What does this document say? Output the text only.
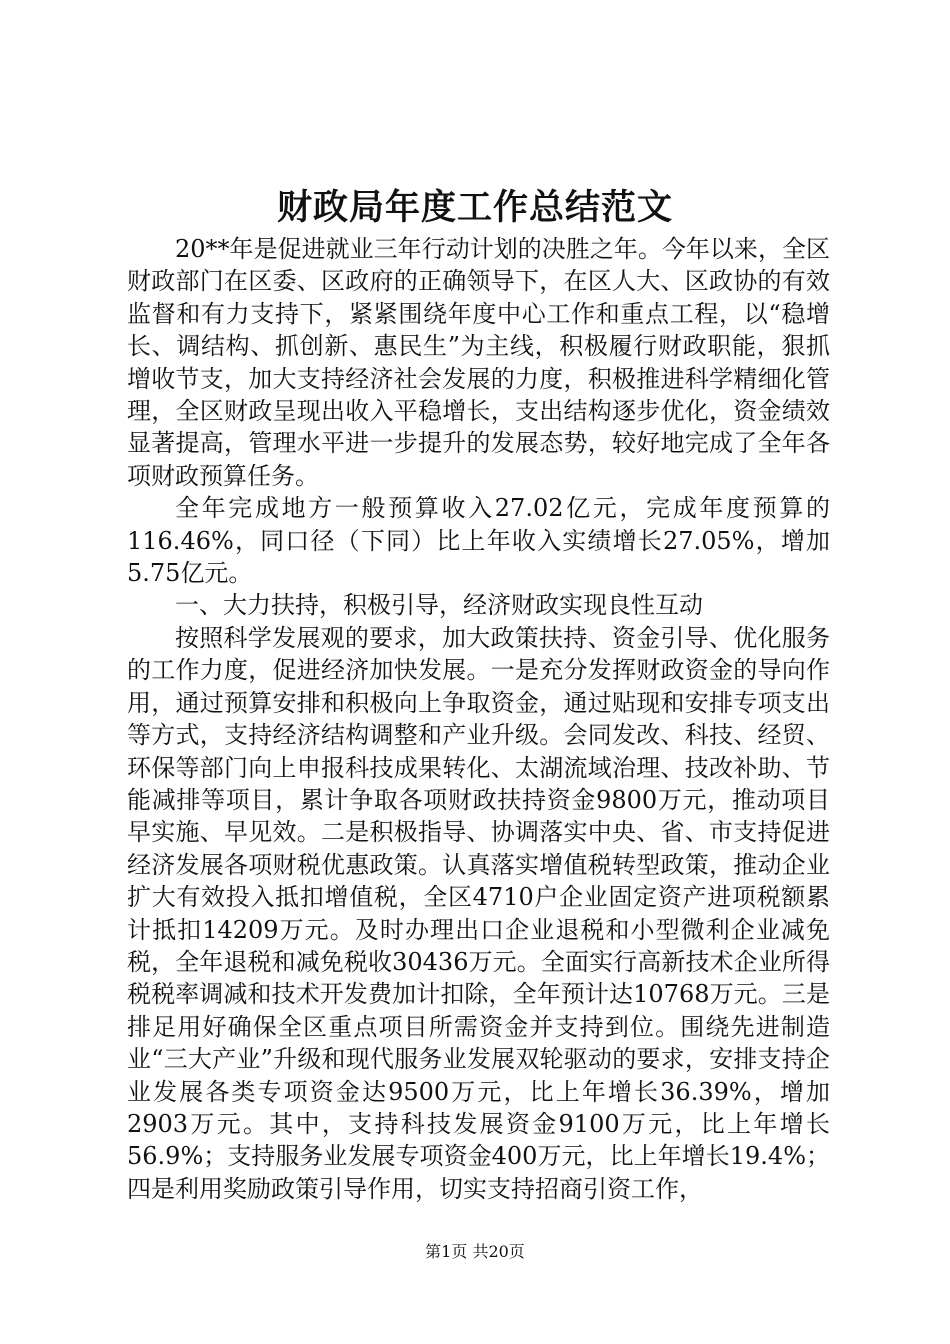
财政局年度工作总结范文

20**年是促进就业三年行动计划的决胜之年。今年以来，全区财政部门在区委、区政府的正确领导下，在区人大、区政协的有效监督和有力支持下，紧紧围绕年度中心工作和重点工程，以“稳增长、调结构、抓创新、惠民生”为主线，积极履行财政职能，狠抓增收节支，加大支持经济社会发展的力度，积极推进科学精细化管理，全区财政呈现出收入平稳增长，支出结构逐步优化，资金绩效显著提高，管理水平进一步提升的发展态势，较好地完成了全年各项财政预算任务。

全年完成地方一般预算收入27.02亿元，完成年度预算的116.46%，同口径（下同）比上年收入实绩增长27.05%，增加5.75亿元。

一、大力扶持，积极引导，经济财政实现良性互动

按照科学发展观的要求，加大政策扶持、资金引导、优化服务的工作力度，促进经济加快发展。一是充分发挥财政资金的导向作用，通过预算安排和积极向上争取资金，通过贴现和安排专项支出等方式，支持经济结构调整和产业升级。会同发改、科技、经贸、环保等部门向上申报科技成果转化、太湖流域治理、技改补助、节能减排等项目，累计争取各项财政扶持资金9800万元，推动项目早实施、早见效。二是积极指导、协调落实中央、省、市支持促进经济发展各项财税优惠政策。认真落实增值税转型政策，推动企业扩大有效投入抵扣增值税，全区4710户企业固定资产进项税额累计抵扣14209万元。及时办理出口企业退税和小型微利企业减免税，全年退税和减免税收30436万元。全面实行高新技术企业所得税税率调减和技术开发费加计扣除，全年预计达10768万元。三是排足用好确保全区重点项目所需资金并支持到位。围绕先进制造业“三大产业”升级和现代服务业发展双轮驱动的要求，安排支持企业发展各类专项资金达9500万元，比上年增长36.39%，增加2903万元。其中，支持科技发展资金9100万元，比上年增长56.9%；支持服务业发展专项资金400万元，比上年增长19.4%；四是利用奖励政策引导作用，切实支持招商引资工作，

第1页 共20页
